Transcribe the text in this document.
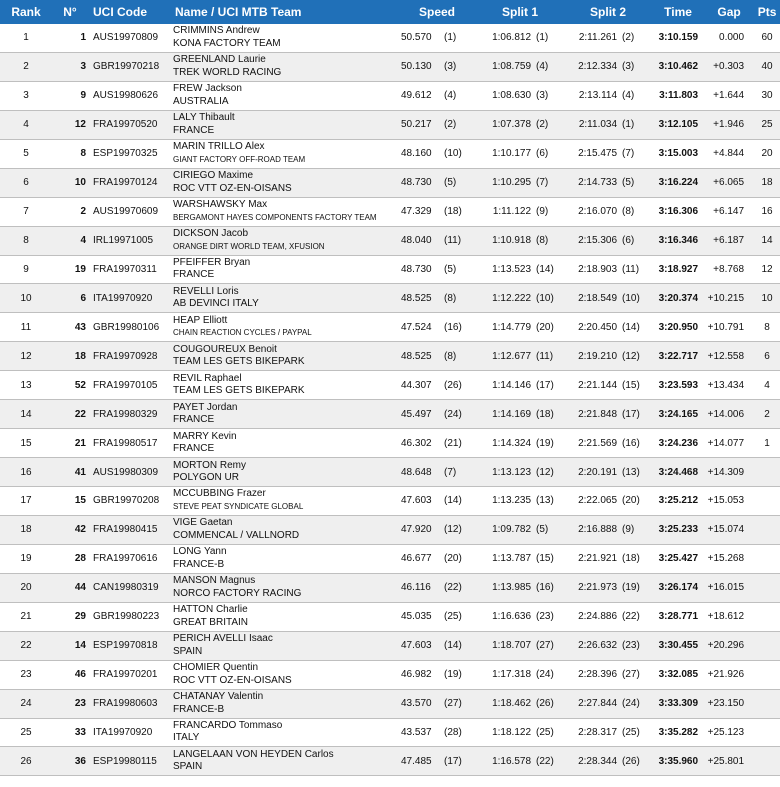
Rank	N°	UCI Code	Name / UCI MTB Team	Speed		Split 1		Split 2		Time	Gap	Pts
1	1	AUS19970809	CRIMMINS Andrew
KONA FACTORY TEAM	50.570	(1)	1:06.812	(1)	2:11.261	(2)	3:10.159	0.000	60
2	3	GBR19970218	GREENLAND Laurie
TREK WORLD RACING	50.130	(3)	1:08.759	(4)	2:12.334	(3)	3:10.462	+0.303	40
3	9	AUS19980626	FREW Jackson
AUSTRALIA	49.612	(4)	1:08.630	(3)	2:13.114	(4)	3:11.803	+1.644	30
4	12	FRA19970520	LALY Thibault
FRANCE	50.217	(2)	1:07.378	(2)	2:11.034	(1)	3:12.105	+1.946	25
5	8	ESP19970325	MARIN TRILLO Alex
GIANT FACTORY OFF-ROAD TEAM	48.160	(10)	1:10.177	(6)	2:15.475	(7)	3:15.003	+4.844	20
6	10	FRA19970124	CIRIEGO Maxime
ROC VTT OZ-EN-OISANS	48.730	(5)	1:10.295	(7)	2:14.733	(5)	3:16.224	+6.065	18
7	2	AUS19970609	WARSHAWSKY Max
BERGAMONT HAYES COMPONENTS FACTORY TEAM	47.329	(18)	1:11.122	(9)	2:16.070	(8)	3:16.306	+6.147	16
8	4	IRL19971005	DICKSON Jacob
ORANGE DIRT WORLD TEAM, XFUSION	48.040	(11)	1:10.918	(8)	2:15.306	(6)	3:16.346	+6.187	14
9	19	FRA19970311	PFEIFFER Bryan
FRANCE	48.730	(5)	1:13.523	(14)	2:18.903	(11)	3:18.927	+8.768	12
10	6	ITA19970920	REVELLI Loris
AB DEVINCI ITALY	48.525	(8)	1:12.222	(10)	2:18.549	(10)	3:20.374	+10.215	10
11	43	GBR19980106	HEAP Elliott
CHAIN REACTION CYCLES / PAYPAL	47.524	(16)	1:14.779	(20)	2:20.450	(14)	3:20.950	+10.791	8
12	18	FRA19970928	COUGOUREUX Benoit
TEAM LES GETS BIKEPARK	48.525	(8)	1:12.677	(11)	2:19.210	(12)	3:22.717	+12.558	6
13	52	FRA19970105	REVIL Raphael
TEAM LES GETS BIKEPARK	44.307	(26)	1:14.146	(17)	2:21.144	(15)	3:23.593	+13.434	4
14	22	FRA19980329	PAYET Jordan
FRANCE	45.497	(24)	1:14.169	(18)	2:21.848	(17)	3:24.165	+14.006	2
15	21	FRA19980517	MARRY Kevin
FRANCE	46.302	(21)	1:14.324	(19)	2:21.569	(16)	3:24.236	+14.077	1
16	41	AUS19980309	MORTON Remy
POLYGON UR	48.648	(7)	1:13.123	(12)	2:20.191	(13)	3:24.468	+14.309	
17	15	GBR19970208	MCCUBBING Frazer
STEVE PEAT SYNDICATE GLOBAL	47.603	(14)	1:13.235	(13)	2:22.065	(20)	3:25.212	+15.053	
18	42	FRA19980415	VIGE Gaetan
COMMENCAL / VALLNORD	47.920	(12)	1:09.782	(5)	2:16.888	(9)	3:25.233	+15.074	
19	28	FRA19970616	LONG Yann
FRANCE-B	46.677	(20)	1:13.787	(15)	2:21.921	(18)	3:25.427	+15.268	
20	44	CAN19980319	MANSON Magnus
NORCO FACTORY RACING	46.116	(22)	1:13.985	(16)	2:21.973	(19)	3:26.174	+16.015	
21	29	GBR19980223	HATTON Charlie
GREAT BRITAIN	45.035	(25)	1:16.636	(23)	2:24.886	(22)	3:28.771	+18.612	
22	14	ESP19970818	PERICH AVELLI Isaac
SPAIN	47.603	(14)	1:18.707	(27)	2:26.632	(23)	3:30.455	+20.296	
23	46	FRA19970201	CHOMIER Quentin
ROC VTT OZ-EN-OISANS	46.982	(19)	1:17.318	(24)	2:28.396	(27)	3:32.085	+21.926	
24	23	FRA19980603	CHATANAY Valentin
FRANCE-B	43.570	(27)	1:18.462	(26)	2:27.844	(24)	3:33.309	+23.150	
25	33	ITA19970920	FRANCARDO Tommaso
ITALY	43.537	(28)	1:18.122	(25)	2:28.317	(25)	3:35.282	+25.123	
26	36	ESP19980115	LANGELAAN VON HEYDEN Carlos
SPAIN	47.485	(17)	1:16.578	(22)	2:28.344	(26)	3:35.960	+25.801	
